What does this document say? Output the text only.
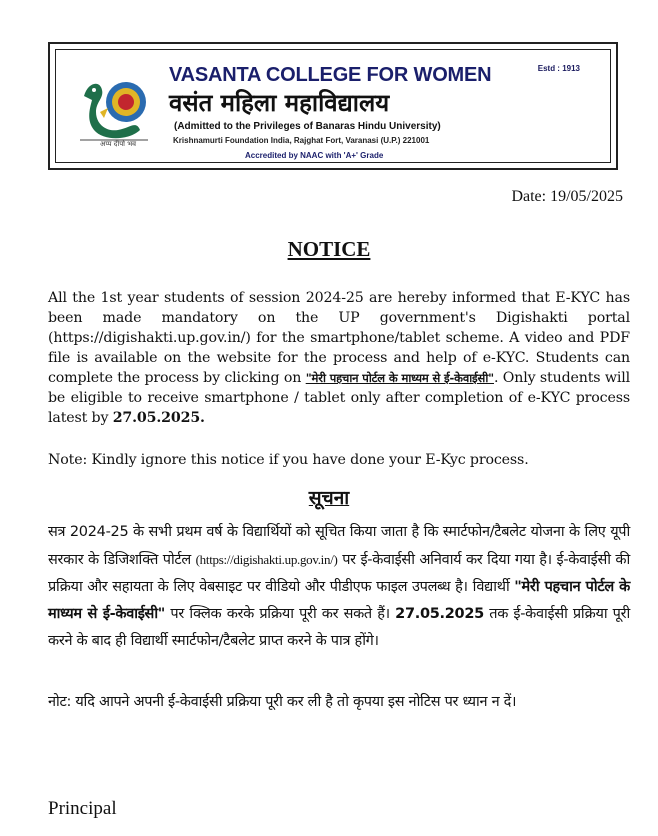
अप्प दीपो भव
Estd : 1913
VASANTA COLLEGE FOR WOMEN
वसंत महिला महाविद्यालय
(Admitted to the Privileges of Banaras Hindu University)
Krishnamurti Foundation India, Rajghat Fort, Varanasi (U.P.) 221001
Accredited by NAAC with 'A+' Grade
Date: 19/05/2025
NOTICE
All the 1st year students of session 2024-25 are hereby informed that E-KYC has been made mandatory on the UP government's Digishakti portal (https://digishakti.up.gov.in/) for the smartphone/tablet scheme. A video and PDF file is available on the website for the process and help of e-KYC. Students can complete the process by clicking on "मेरी पहचान पोर्टल के माध्यम से ई-केवाईसी". Only students will be eligible to receive smartphone / tablet only after completion of e-KYC process latest by 27.05.2025.
Note: Kindly ignore this notice if you have done your E-Kyc process.
सूचना
सत्र 2024-25 के सभी प्रथम वर्ष के विद्यार्थियों को सूचित किया जाता है कि स्मार्टफोन/टैबलेट योजना के लिए यूपी सरकार के डिजिशक्ति पोर्टल (https://digishakti.up.gov.in/) पर ई-केवाईसी अनिवार्य कर दिया गया है। ई-केवाईसी की प्रक्रिया और सहायता के लिए वेबसाइट पर वीडियो और पीडीएफ फाइल उपलब्ध है। विद्यार्थी "मेरी पहचान पोर्टल के माध्यम से ई-केवाईसी" पर क्लिक करके प्रक्रिया पूरी कर सकते हैं। 27.05.2025 तक ई-केवाईसी प्रक्रिया पूरी करने के बाद ही विद्यार्थी स्मार्टफोन/टैबलेट प्राप्त करने के पात्र होंगे।
नोट: यदि आपने अपनी ई-केवाईसी प्रक्रिया पूरी कर ली है तो कृपया इस नोटिस पर ध्यान न दें।
Principal
